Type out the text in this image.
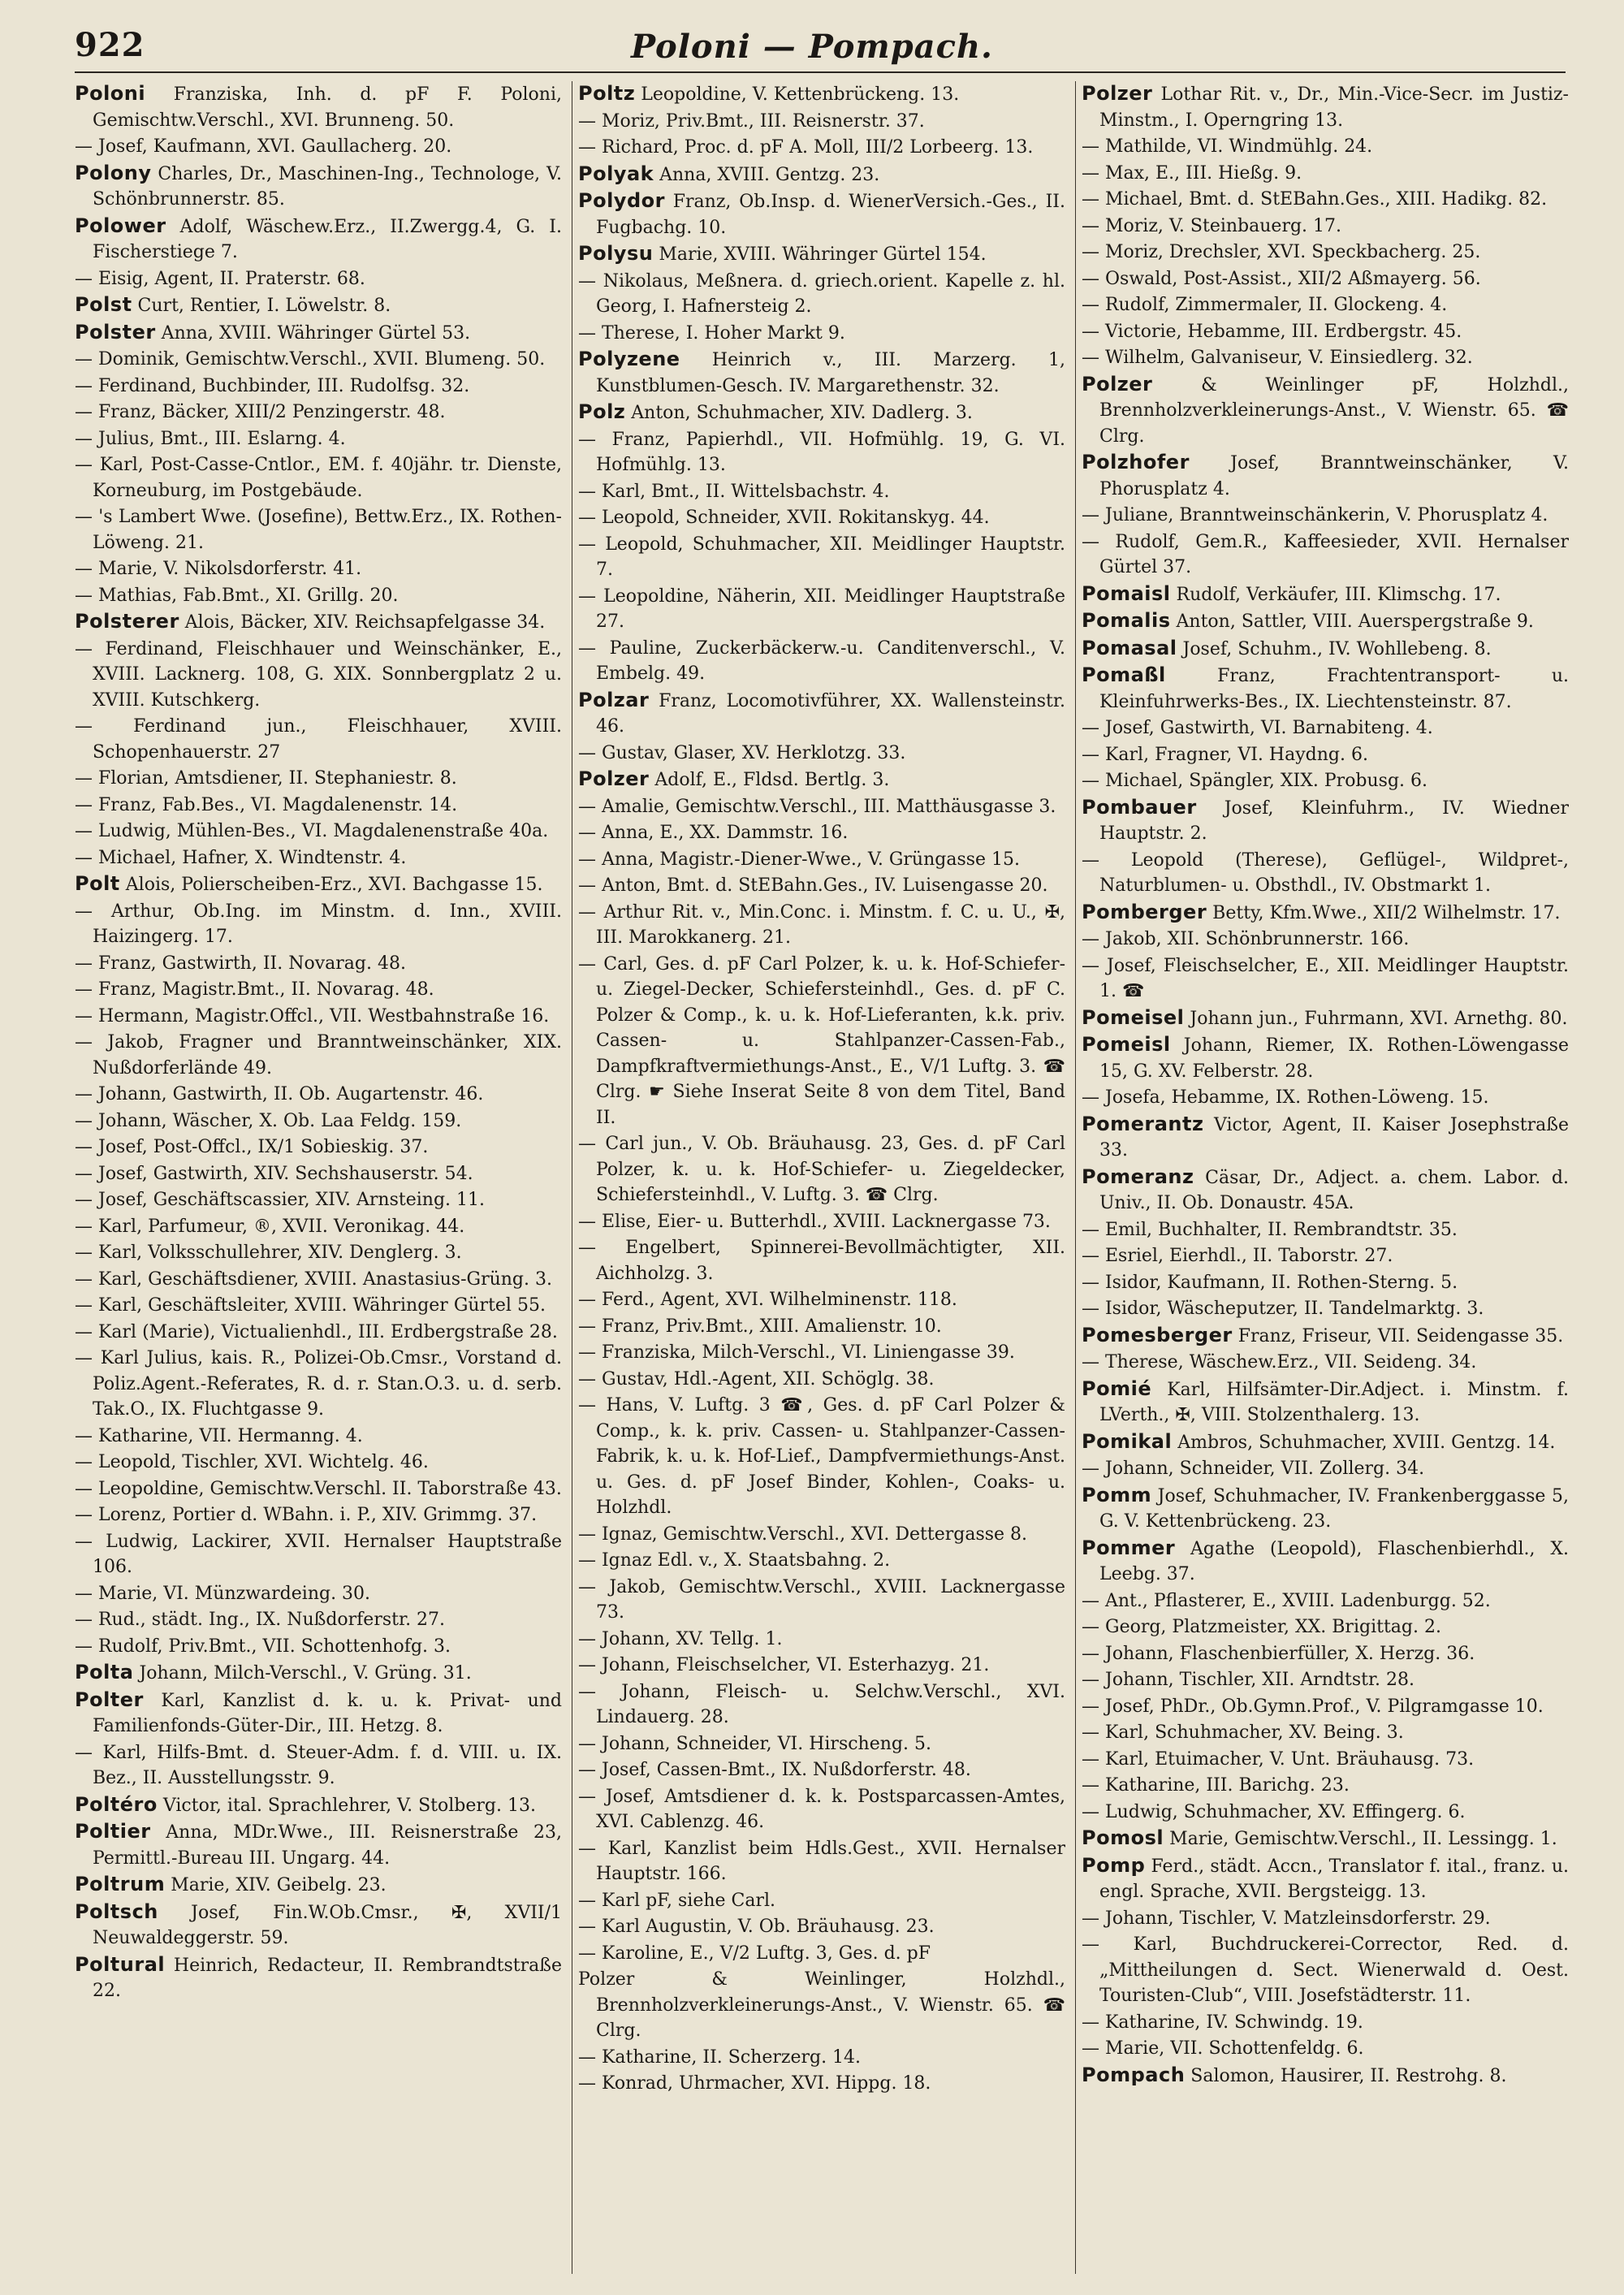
922	Poloni — Pompach.
Poloni Franziska, Inh. d. pF F. Poloni, Gemischtw.Verschl., XVI. Brunneng. 50.
— Josef, Kaufmann, XVI. Gaullacherg. 20.
Polony Charles, Dr., Maschinen-Ing., Technologe, V. Schönbrunnerstr. 85.
Polower Adolf, Wäschew.Erz., II.Zwergg.4, G. I. Fischerstiege 7.
— Eisig, Agent, II. Praterstr. 68.
Polst Curt, Rentier, I. Löwelstr. 8.
Polster Anna, XVIII. Währinger Gürtel 53.
— Dominik, Gemischtw.Verschl., XVII. Blumeng. 50.
— Ferdinand, Buchbinder, III. Rudolfsg. 32.
— Franz, Bäcker, XIII/2 Penzingerstr. 48.
— Julius, Bmt., III. Eslarng. 4.
— Karl, Post-Casse-Cntlor., EM. f. 40jähr. tr. Dienste, Korneuburg, im Postgebäude.
— 's Lambert Wwe. (Josefine), Bettw.Erz., IX. Rothen-Löweng. 21.
— Marie, V. Nikolsdorferstr. 41.
— Mathias, Fab.Bmt., XI. Grillg. 20.
Polsterer Alois, Bäcker, XIV. Reichsapfelgasse 34.
— Ferdinand, Fleischhauer und Weinschänker, E., XVIII. Lacknerg. 108, G. XIX. Sonnbergplatz 2 u. XVIII. Kutschkerg.
— Ferdinand jun., Fleischhauer, XVIII. Schopenhauerstr. 27
— Florian, Amtsdiener, II. Stephaniestr. 8.
— Franz, Fab.Bes., VI. Magdalenenstr. 14.
— Ludwig, Mühlen-Bes., VI. Magdalenenstraße 40a.
— Michael, Hafner, X. Windtenstr. 4.
Polt Alois, Polierscheiben-Erz., XVI. Bachgasse 15.
— Arthur, Ob.Ing. im Minstm. d. Inn., XVIII. Haizingerg. 17.
— Franz, Gastwirth, II. Novarag. 48.
— Franz, Magistr.Bmt., II. Novarag. 48.
— Hermann, Magistr.Offcl., VII. Westbahnstraße 16.
— Jakob, Fragner und Branntweinschänker, XIX. Nußdorferlände 49.
— Johann, Gastwirth, II. Ob. Augartenstr. 46.
— Johann, Wäscher, X. Ob. Laa Feldg. 159.
— Josef, Post-Offcl., IX/1 Sobieskig. 37.
— Josef, Gastwirth, XIV. Sechshauserstr. 54.
— Josef, Geschäftscassier, XIV. Arnsteing. 11.
— Karl, Parfumeur, ®, XVII. Veronikag. 44.
— Karl, Volksschullehrer, XIV. Denglerg. 3.
— Karl, Geschäftsdiener, XVIII. Anastasius-Grüng. 3.
— Karl, Geschäftsleiter, XVIII. Währinger Gürtel 55.
— Karl (Marie), Victualienhdl., III. Erdbergstraße 28.
— Karl Julius, kais. R., Polizei-Ob.Cmsr., Vorstand d. Poliz.Agent.-Referates, R. d. r. Stan.O.3. u. d. serb. Tak.O., IX. Fluchtgasse 9.
— Katharine, VII. Hermanng. 4.
— Leopold, Tischler, XVI. Wichtelg. 46.
— Leopoldine, Gemischtw.Verschl. II. Taborstraße 43.
— Lorenz, Portier d. WBahn. i. P., XIV. Grimmg. 37.
— Ludwig, Lackirer, XVII. Hernalser Hauptstraße 106.
— Marie, VI. Münzwardeing. 30.
— Rud., städt. Ing., IX. Nußdorferstr. 27.
— Rudolf, Priv.Bmt., VII. Schottenhofg. 3.
Polta Johann, Milch-Verschl., V. Grüng. 31.
Polter Karl, Kanzlist d. k. u. k. Privat- und Familienfonds-Güter-Dir., III. Hetzg. 8.
— Karl, Hilfs-Bmt. d. Steuer-Adm. f. d. VIII. u. IX. Bez., II. Ausstellungsstr. 9.
Poltéro Victor, ital. Sprachlehrer, V. Stolberg. 13.
Poltier Anna, MDr.Wwe., III. Reisnerstraße 23, Permittl.-Bureau III. Ungarg. 44.
Poltrum Marie, XIV. Geibelg. 23.
Poltsch Josef, Fin.W.Ob.Cmsr., ✠, XVII/1 Neuwaldeggerstr. 59.
Poltural Heinrich, Redacteur, II. Rembrandtstraße 22.
Poltz Leopoldine, V. Kettenbrückeng. 13.
— Moriz, Priv.Bmt., III. Reisnerstr. 37.
— Richard, Proc. d. pF A. Moll, III/2 Lorbeerg. 13.
Polyak Anna, XVIII. Gentzg. 23.
Polydor Franz, Ob.Insp. d. WienerVersich.-Ges., II. Fugbachg. 10.
Polysu Marie, XVIII. Währinger Gürtel 154.
— Nikolaus, Meßnera. d. griech.orient. Kapelle z. hl. Georg, I. Hafnersteig 2.
— Therese, I. Hoher Markt 9.
Polyzene Heinrich v., III. Marzerg. 1, Kunstblumen-Gesch. IV. Margarethenstr. 32.
Polz Anton, Schuhmacher, XIV. Dadlerg. 3.
— Franz, Papierhdl., VII. Hofmühlg. 19, G. VI. Hofmühlg. 13.
— Karl, Bmt., II. Wittelsbachstr. 4.
— Leopold, Schneider, XVII. Rokitanskyg. 44.
— Leopold, Schuhmacher, XII. Meidlinger Hauptstr. 7.
— Leopoldine, Näherin, XII. Meidlinger Hauptstraße 27.
— Pauline, Zuckerbäckerw.-u. Canditenverschl., V. Embelg. 49.
Polzar Franz, Locomotivführer, XX. Wallensteinstr. 46.
— Gustav, Glaser, XV. Herklotzg. 33.
Polzer Adolf, E., Fldsd. Bertlg. 3.
— Amalie, Gemischtw.Verschl., III. Matthäusgasse 3.
— Anna, E., XX. Dammstr. 16.
— Anna, Magistr.-Diener-Wwe., V. Grüngasse 15.
— Anton, Bmt. d. StEBahn.Ges., IV. Luisengasse 20.
— Arthur Rit. v., Min.Conc. i. Minstm. f. C. u. U., ✠, III. Marokkanerg. 21.
— Carl, Ges. d. pF Carl Polzer, k. u. k. Hof-Schiefer- u. Ziegel-Decker, Schiefersteinhdl., Ges. d. pF C. Polzer & Comp., k. u. k. Hof-Lieferanten, k.k. priv. Cassen- u. Stahlpanzer-Cassen-Fab., Dampfkraftvermiethungs-Anst., E., V/1 Luftg. 3. ☎ Clrg. ☛ Siehe Inserat Seite 8 von dem Titel, Band II.
— Carl jun., V. Ob. Bräuhausg. 23, Ges. d. pF Carl Polzer, k. u. k. Hof-Schiefer- u. Ziegeldecker, Schiefersteinhdl., V. Luftg. 3. ☎ Clrg.
— Elise, Eier- u. Butterhdl., XVIII. Lacknergasse 73.
— Engelbert, Spinnerei-Bevollmächtigter, XII. Aichholzg. 3.
— Ferd., Agent, XVI. Wilhelminenstr. 118.
— Franz, Priv.Bmt., XIII. Amalienstr. 10.
— Franziska, Milch-Verschl., VI. Liniengasse 39.
— Gustav, Hdl.-Agent, XII. Schöglg. 38.
— Hans, V. Luftg. 3 ☎, Ges. d. pF Carl Polzer & Comp., k. k. priv. Cassen- u. Stahlpanzer-Cassen-Fabrik, k. u. k. Hof-Lief., Dampfvermiethungs-Anst. u. Ges. d. pF Josef Binder, Kohlen-, Coaks- u. Holzhdl.
— Ignaz, Gemischtw.Verschl., XVI. Dettergasse 8.
— Ignaz Edl. v., X. Staatsbahng. 2.
— Jakob, Gemischtw.Verschl., XVIII. Lacknergasse 73.
— Johann, XV. Tellg. 1.
— Johann, Fleischselcher, VI. Esterhazyg. 21.
— Johann, Fleisch- u. Selchw.Verschl., XVI. Lindauerg. 28.
— Johann, Schneider, VI. Hirscheng. 5.
— Josef, Cassen-Bmt., IX. Nußdorferstr. 48.
— Josef, Amtsdiener d. k. k. Postsparcassen-Amtes, XVI. Cablenzg. 46.
— Karl, Kanzlist beim Hdls.Gest., XVII. Hernalser Hauptstr. 166.
— Karl pF, siehe Carl.
— Karl Augustin, V. Ob. Bräuhausg. 23.
— Karoline, E., V/2 Luftg. 3, Ges. d. pF
Polzer & Weinlinger, Holzhdl., Brennholzverkleinerungs-Anst., V. Wienstr. 65. ☎ Clrg.
— Katharine, II. Scherzerg. 14.
— Konrad, Uhrmacher, XVI. Hippg. 18.
Polzer Lothar Rit. v., Dr., Min.-Vice-Secr. im Justiz-Minstm., I. Operngring 13.
— Mathilde, VI. Windmühlg. 24.
— Max, E., III. Hießg. 9.
— Michael, Bmt. d. StEBahn.Ges., XIII. Hadikg. 82.
— Moriz, V. Steinbauerg. 17.
— Moriz, Drechsler, XVI. Speckbacherg. 25.
— Oswald, Post-Assist., XII/2 Aßmayerg. 56.
— Rudolf, Zimmermaler, II. Glockeng. 4.
— Victorie, Hebamme, III. Erdbergstr. 45.
— Wilhelm, Galvaniseur, V. Einsiedlerg. 32.
Polzer & Weinlinger pF, Holzhdl., Brennholzverkleinerungs-Anst., V. Wienstr. 65. ☎ Clrg.
Polzhofer Josef, Branntweinschänker, V. Phorusplatz 4.
— Juliane, Branntweinschänkerin, V. Phorusplatz 4.
— Rudolf, Gem.R., Kaffeesieder, XVII. Hernalser Gürtel 37.
Pomaisl Rudolf, Verkäufer, III. Klimschg. 17.
Pomalis Anton, Sattler, VIII. Auerspergstraße 9.
Pomasal Josef, Schuhm., IV. Wohllebeng. 8.
Pomaßl Franz, Frachtentransport- u. Kleinfuhrwerks-Bes., IX. Liechtensteinstr. 87.
— Josef, Gastwirth, VI. Barnabiteng. 4.
— Karl, Fragner, VI. Haydng. 6.
— Michael, Spängler, XIX. Probusg. 6.
Pombauer Josef, Kleinfuhrm., IV. Wiedner Hauptstr. 2.
— Leopold (Therese), Geflügel-, Wildpret-, Naturblumen- u. Obsthdl., IV. Obstmarkt 1.
Pomberger Betty, Kfm.Wwe., XII/2 Wilhelmstr. 17.
— Jakob, XII. Schönbrunnerstr. 166.
— Josef, Fleischselcher, E., XII. Meidlinger Hauptstr. 1. ☎
Pomeisel Johann jun., Fuhrmann, XVI. Arnethg. 80.
Pomeisl Johann, Riemer, IX. Rothen-Löwengasse 15, G. XV. Felberstr. 28.
— Josefa, Hebamme, IX. Rothen-Löweng. 15.
Pomerantz Victor, Agent, II. Kaiser Josephstraße 33.
Pomeranz Cäsar, Dr., Adject. a. chem. Labor. d. Univ., II. Ob. Donaustr. 45A.
— Emil, Buchhalter, II. Rembrandtstr. 35.
— Esriel, Eierhdl., II. Taborstr. 27.
— Isidor, Kaufmann, II. Rothen-Sterng. 5.
— Isidor, Wäscheputzer, II. Tandelmarktg. 3.
Pomesberger Franz, Friseur, VII. Seidengasse 35.
— Therese, Wäschew.Erz., VII. Seideng. 34.
Pomié Karl, Hilfsämter-Dir.Adject. i. Minstm. f. LVerth., ✠, VIII. Stolzenthalerg. 13.
Pomikal Ambros, Schuhmacher, XVIII. Gentzg. 14.
— Johann, Schneider, VII. Zollerg. 34.
Pomm Josef, Schuhmacher, IV. Frankenberggasse 5, G. V. Kettenbrückeng. 23.
Pommer Agathe (Leopold), Flaschenbierhdl., X. Leebg. 37.
— Ant., Pflasterer, E., XVIII. Ladenburgg. 52.
— Georg, Platzmeister, XX. Brigittag. 2.
— Johann, Flaschenbierfüller, X. Herzg. 36.
— Johann, Tischler, XII. Arndtstr. 28.
— Josef, PhDr., Ob.Gymn.Prof., V. Pilgramgasse 10.
— Karl, Schuhmacher, XV. Being. 3.
— Karl, Etuimacher, V. Unt. Bräuhausg. 73.
— Katharine, III. Barichg. 23.
— Ludwig, Schuhmacher, XV. Effingerg. 6.
Pomosl Marie, Gemischtw.Verschl., II. Lessingg. 1.
Pomp Ferd., städt. Accn., Translator f. ital., franz. u. engl. Sprache, XVII. Bergsteigg. 13.
— Johann, Tischler, V. Matzleinsdorferstr. 29.
— Karl, Buchdruckerei-Corrector, Red. d. „Mittheilungen d. Sect. Wienerwald d. Oest. Touristen-Club“, VIII. Josefstädterstr. 11.
— Katharine, IV. Schwindg. 19.
— Marie, VII. Schottenfeldg. 6.
Pompach Salomon, Hausirer, II. Restrohg. 8.
